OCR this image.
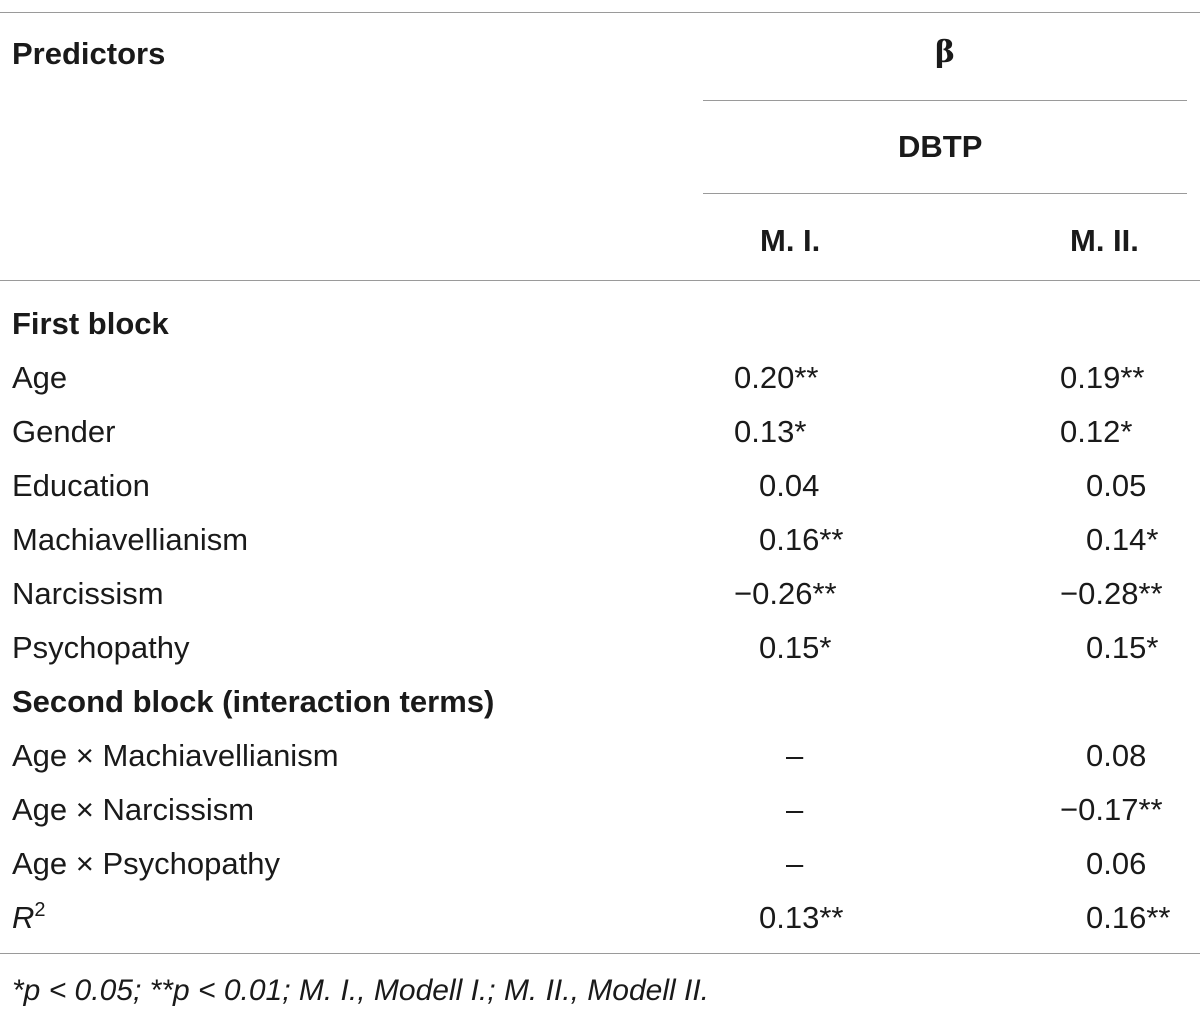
Predictors	β
DBTP
M. I.	M. II.
First block
Age	0.20**	0.19**
Gender	0.13*	0.12*
Education	0.04	0.05
Machiavellianism	0.16**	0.14*
Narcissism	−0.26**	−0.28**
Psychopathy	0.15*	0.15*
Second block (interaction terms)
Age × Machiavellianism	–	0.08
Age × Narcissism	–	−0.17**
Age × Psychopathy	–	0.06
$R^2$	0.13**	0.16**
*p < 0.05; **p < 0.01; M. I., Modell I.; M. II., Modell II.
